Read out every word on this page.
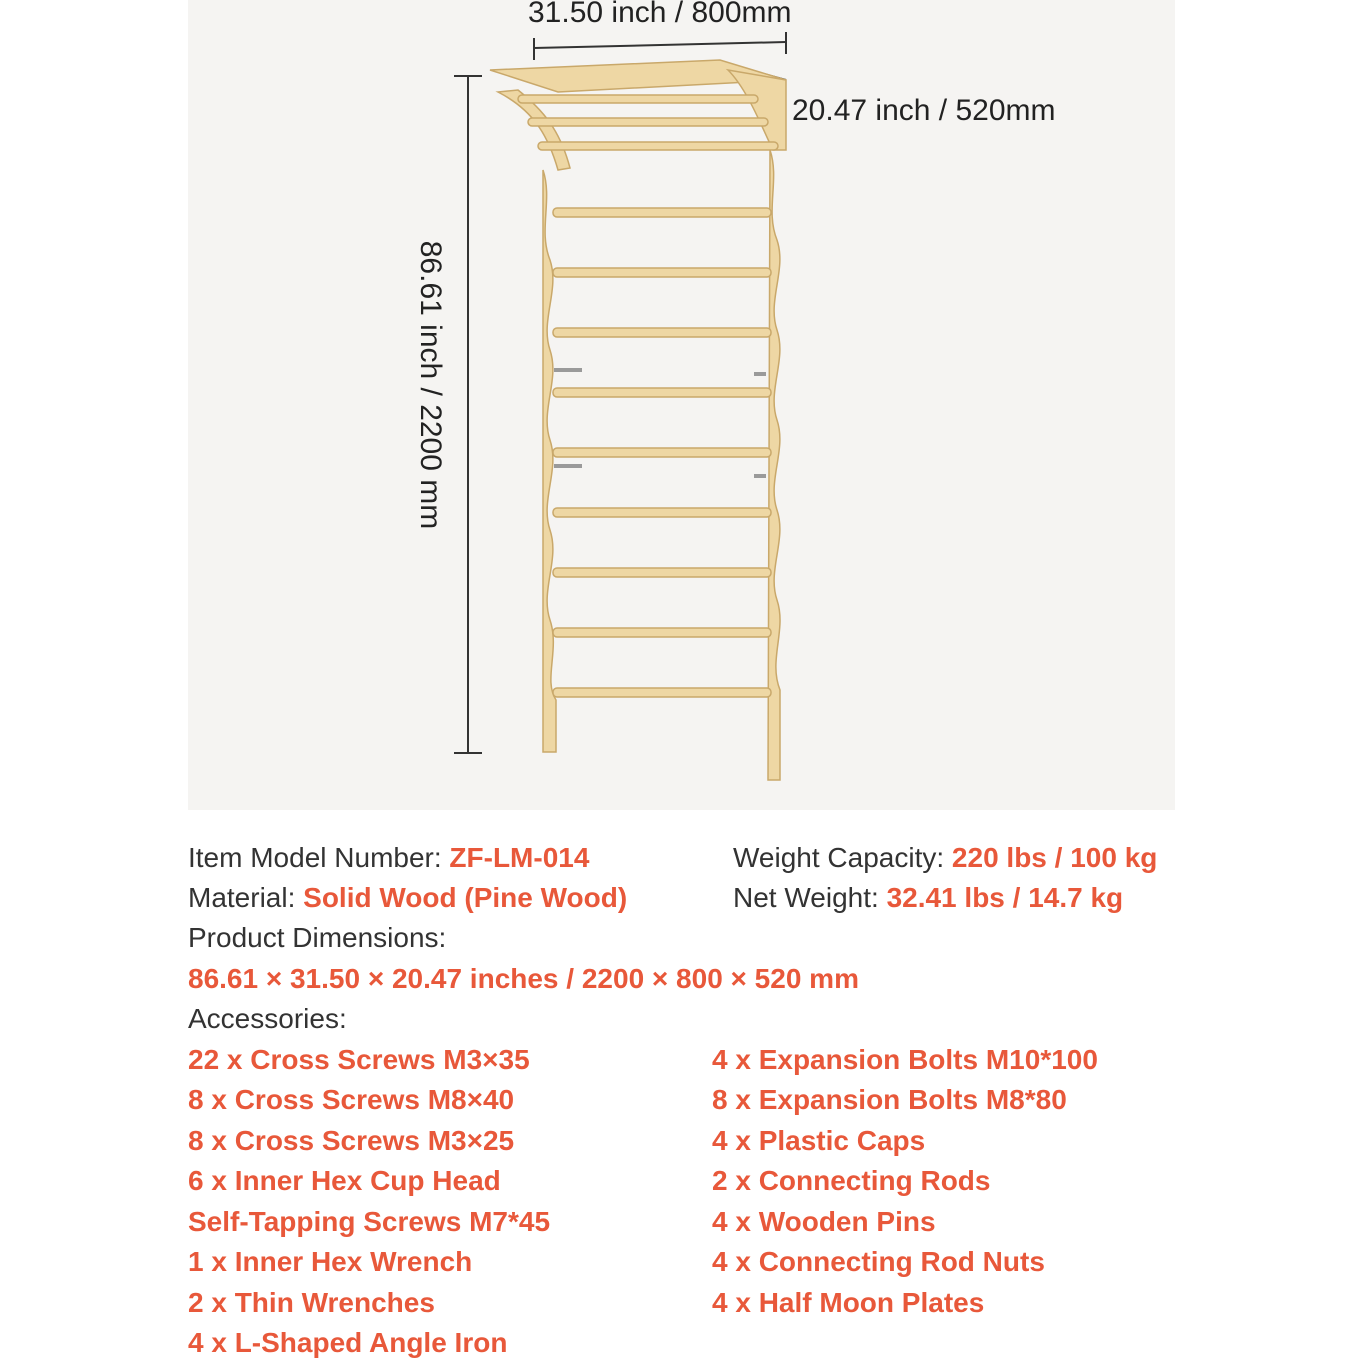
31.50 inch / 800mm
20.47 inch / 520mm
86.61 inch / 2200 mm
Item Model Number: ZF-LM-014	Weight Capacity: 220 lbs / 100 kg
Material: Solid Wood (Pine Wood)	Net Weight: 32.41 lbs / 14.7 kg
Product Dimensions:
86.61 × 31.50 × 20.47 inches / 2200 × 800 × 520 mm
Accessories:
22 x Cross Screws M3×35
8 x Cross Screws M8×40
8 x Cross Screws M3×25
6 x Inner Hex Cup Head
Self-Tapping Screws M7*45
1 x Inner Hex Wrench
2 x Thin Wrenches
4 x L-Shaped Angle Iron
4 x Expansion Bolts M10*100
8 x Expansion Bolts M8*80
4 x Plastic Caps
2 x Connecting Rods
4 x Wooden Pins
4 x Connecting Rod Nuts
4 x Half Moon Plates
